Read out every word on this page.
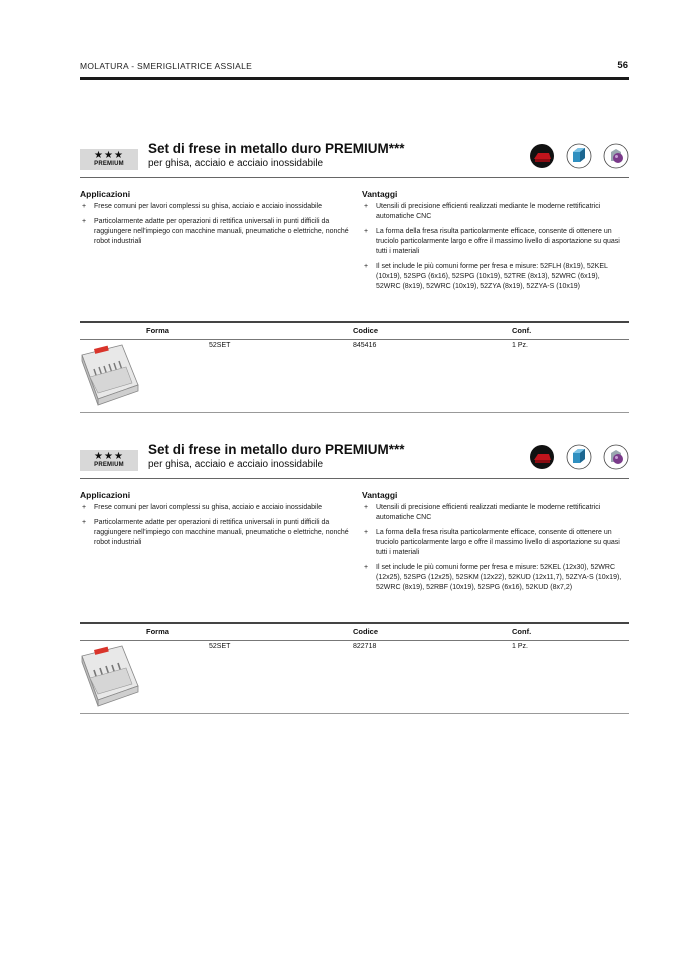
MOLATURA - SMERIGLIATRICE ASSIALE	56
★★★
PREMIUM
Set di frese in metallo duro PREMIUM***
per ghisa, acciaio e acciaio inossidabile
Applicazioni
+ Frese comuni per lavori complessi su ghisa, acciaio e acciaio inossidabile
+ Particolarmente adatte per operazioni di rettifica universali in punti difficili da raggiungere nell'impiego con macchine manuali, pneumatiche o elettriche, nonché robot industriali
Vantaggi
+ Utensili di precisione efficienti realizzati mediante le moderne rettificatrici automatiche CNC
+ La forma della fresa risulta particolarmente efficace, consente di ottenere un truciolo particolarmente largo e offre il massimo livello di asportazione su quasi tutti i materiali
+ Il set include le più comuni forme per fresa e misure: 52FLH (8x19), 52KEL (10x19), 52SPG (6x16), 52SPG (10x19), 52TRE (8x13), 52WRC (6x19), 52WRC (8x19), 52WRC (10x19), 52ZYA (8x19), 52ZYA-S (10x19)
Forma	Codice	Conf.
52SET	845416	1 Pz.
★★★
PREMIUM
Set di frese in metallo duro PREMIUM***
per ghisa, acciaio e acciaio inossidabile
Applicazioni
+ Frese comuni per lavori complessi su ghisa, acciaio e acciaio inossidabile
+ Particolarmente adatte per operazioni di rettifica universali in punti difficili da raggiungere nell'impiego con macchine manuali, pneumatiche o elettriche, nonché robot industriali
Vantaggi
+ Utensili di precisione efficienti realizzati mediante le moderne rettificatrici automatiche CNC
+ La forma della fresa risulta particolarmente efficace, consente di ottenere un truciolo particolarmente largo e offre il massimo livello di asportazione su quasi tutti i materiali
+ Il set include le più comuni forme per fresa e misure: 52KEL (12x30), 52WRC (12x25), 52SPG (12x25), 52SKM (12x22), 52KUD (12x11,7), 52ZYA-S (10x19), 52WRC (8x19), 52RBF (10x19), 52SPG (6x16), 52KUD (8x7,2)
Forma	Codice	Conf.
52SET	822718	1 Pz.
